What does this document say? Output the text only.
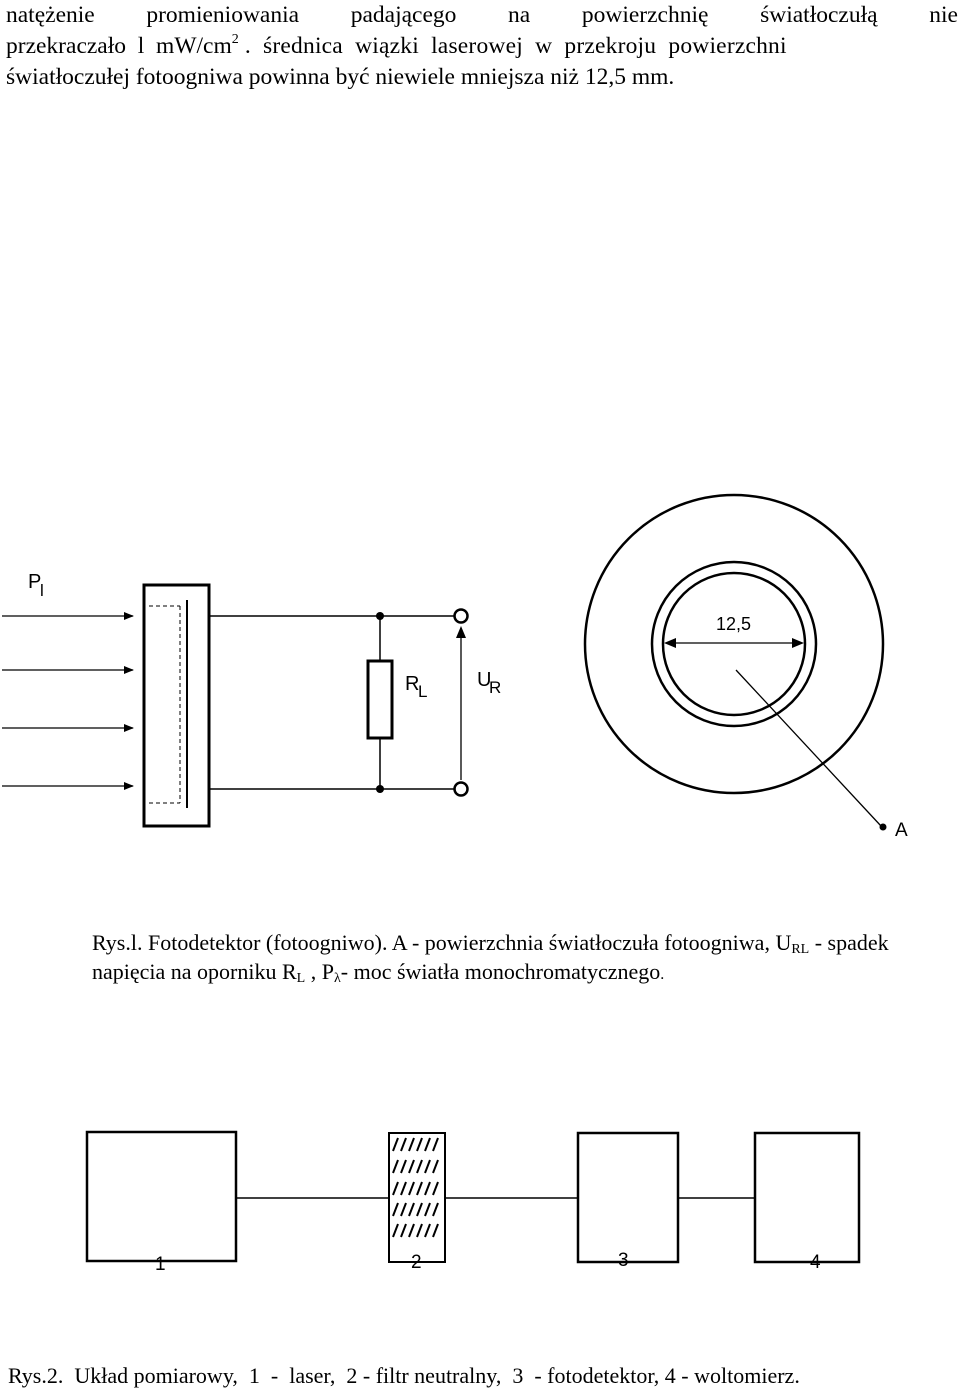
natężenie promieniowania padającego na powierzchnię światłoczułą nie
przekraczało  l  $mW/cm^2$ .  średnica  wiązki  laserowej  w  przekroju  powierzchni
światłoczułej fotoogniwa powinna być niewiele mniejsza niż 12,5 mm.
P
l
R
L
U
R
12,5
A
1	2	3	4
Rys.l. Fotodetektor (fotoogniwo). A - powierzchnia światłoczuła fotoogniwa, $U_{RL}$ - spadek
napięcia na oporniku $R_L$ , $P_\lambda-$ moc światła monochromatycznego.
Rys.2.  Układ pomiarowy,  1  -  laser,  2 - filtr neutralny,  3  - fotodetektor, 4 - woltomierz.
